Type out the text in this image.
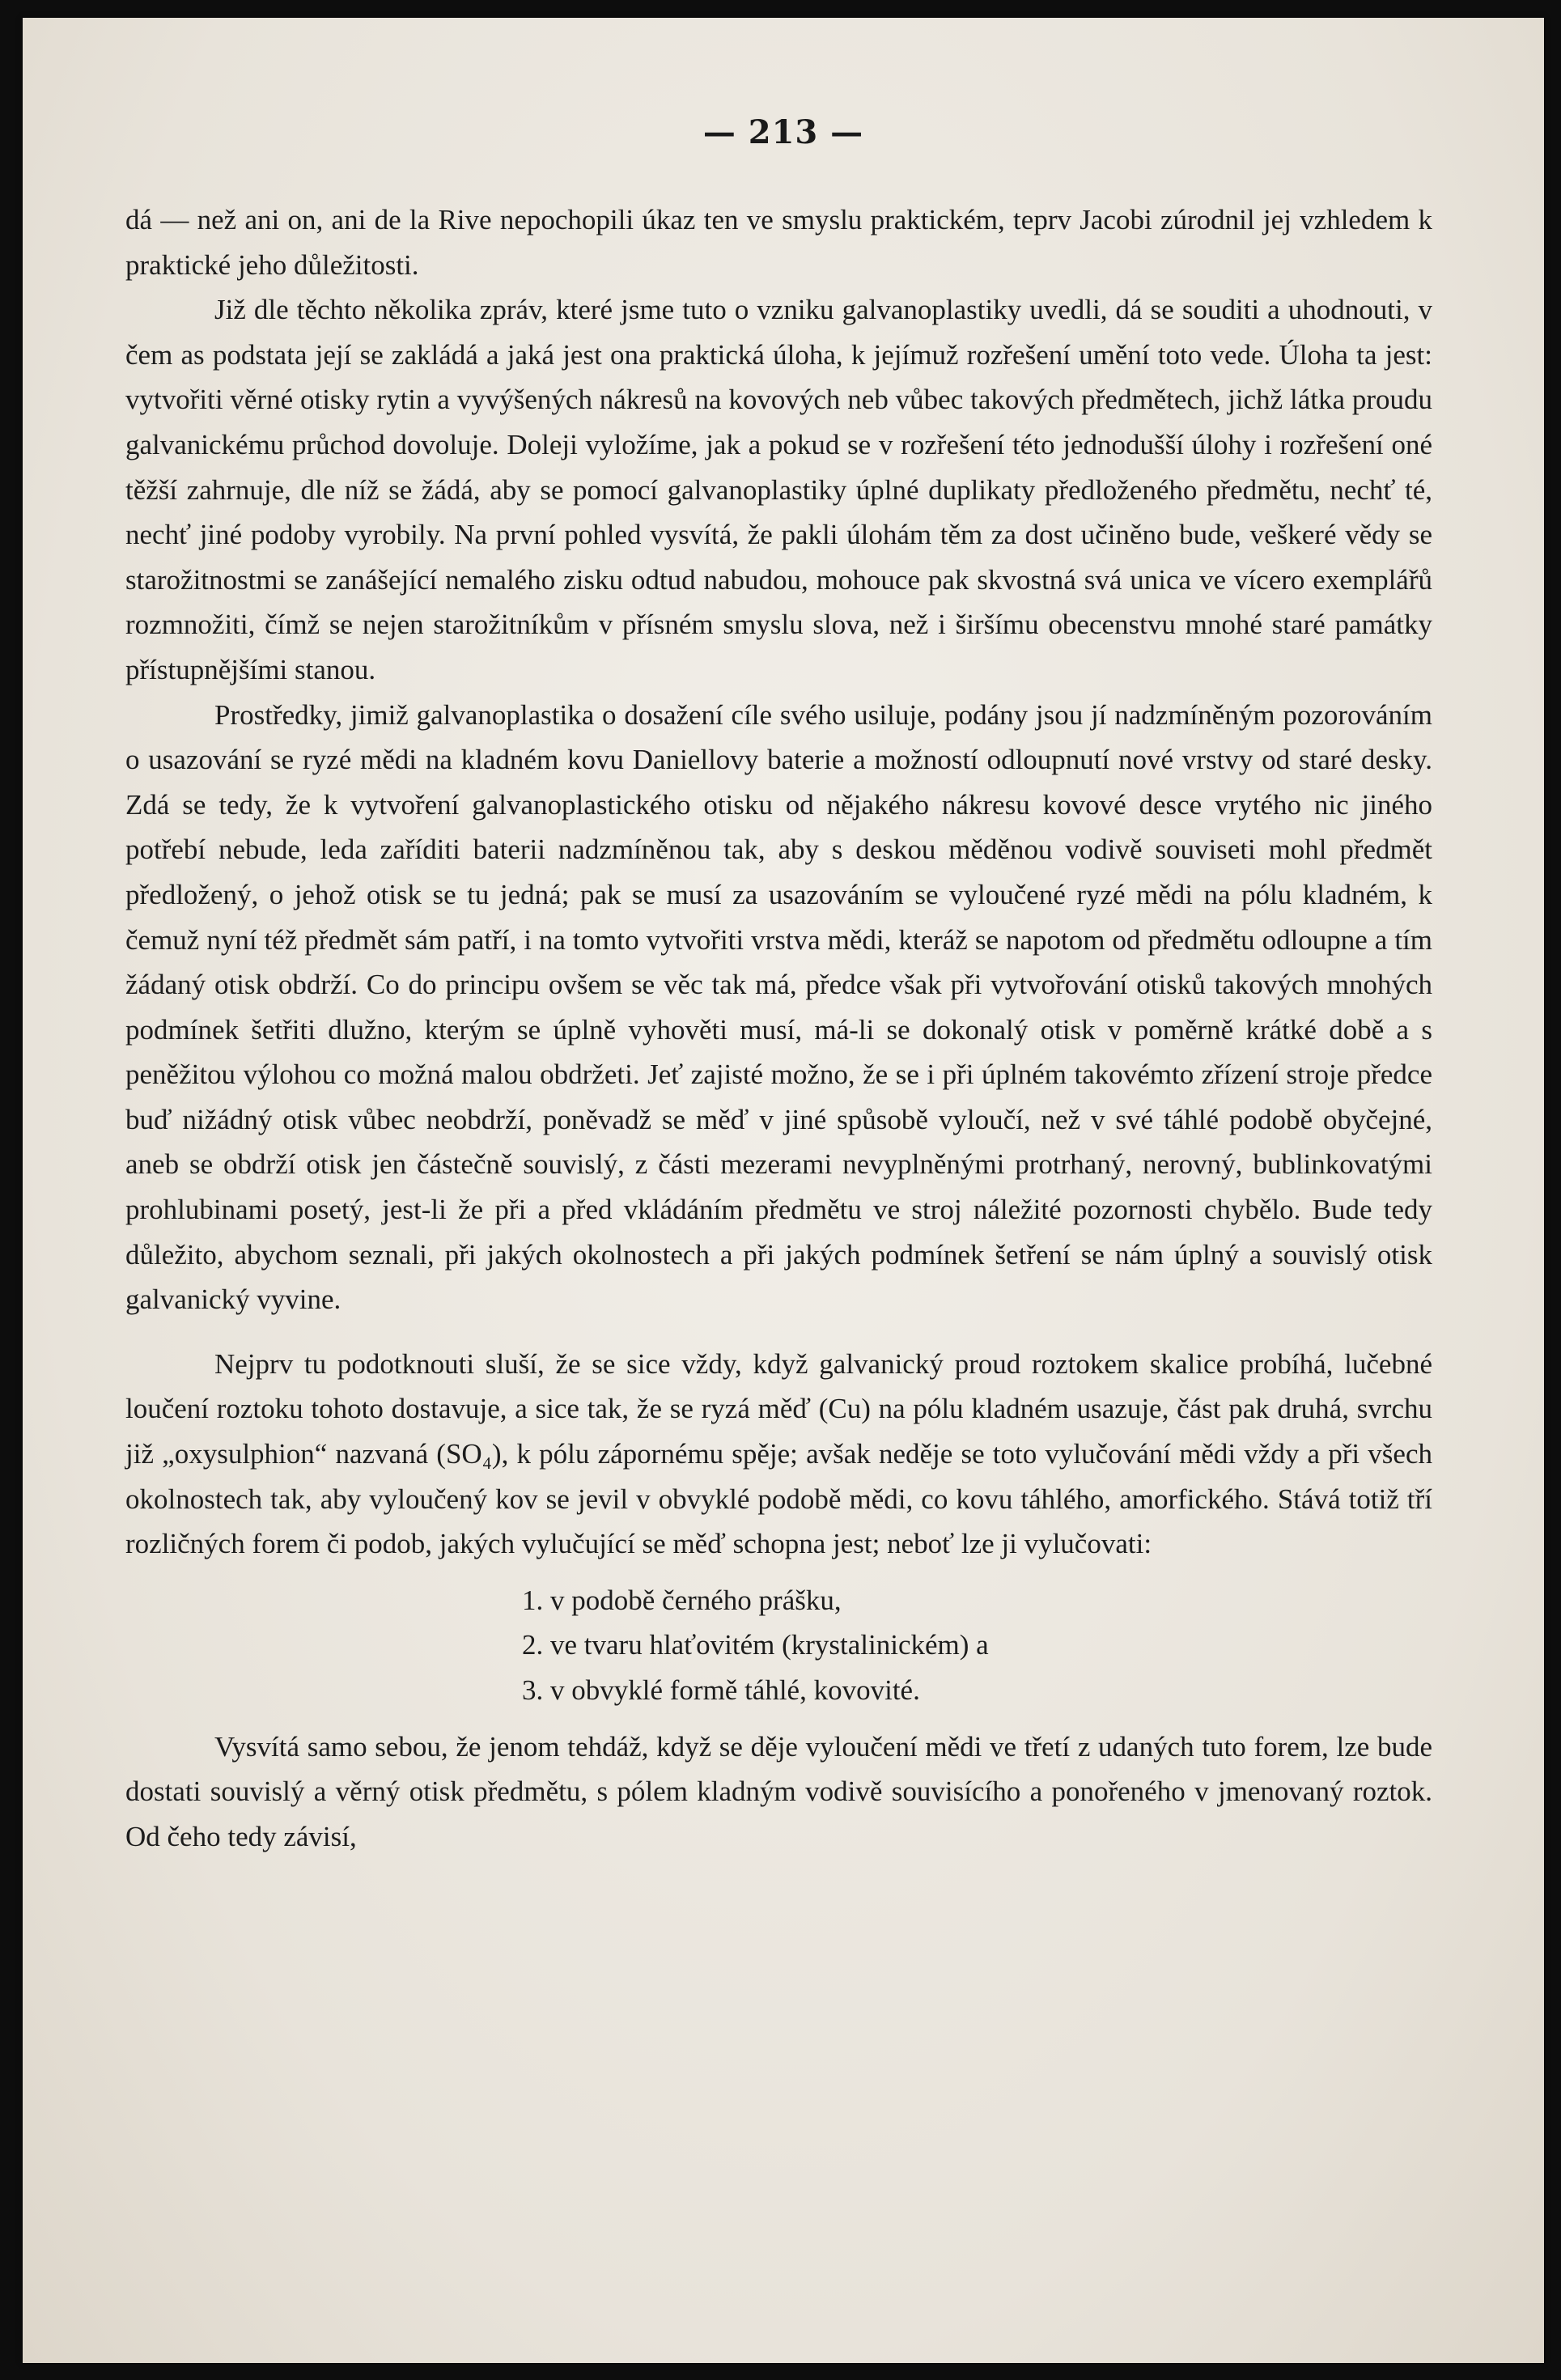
— 213 —

dá — než ani on, ani de la Rive nepochopili úkaz ten ve smyslu praktickém, teprv Jacobi zúrodnil jej vzhledem k praktické jeho důležitosti.

Již dle těchto několika zpráv, které jsme tuto o vzniku galvanoplastiky uvedli, dá se souditi a uhodnouti, v čem as podstata její se zakládá a jaká jest ona praktická úloha, k jejímuž rozřešení umění toto vede. Úloha ta jest: vytvořiti věrné otisky rytin a vyvýšených nákresů na kovových neb vůbec takových předmětech, jichž látka proudu galvanickému průchod dovoluje. Doleji vyložíme, jak a pokud se v rozřešení této jednodušší úlohy i rozřešení oné těžší zahrnuje, dle níž se žádá, aby se pomocí galvanoplastiky úplné duplikaty předloženého předmětu, nechť té, nechť jiné podoby vyrobily. Na první pohled vysvítá, že pakli úlohám těm za dost učiněno bude, veškeré vědy se starožitnostmi se zanášející nemalého zisku odtud nabudou, mohouce pak skvostná svá unica ve vícero exemplářů rozmnožiti, čímž se nejen starožitníkům v přísném smyslu slova, než i širšímu obecenstvu mnohé staré památky přístupnějšími stanou.

Prostředky, jimiž galvanoplastika o dosažení cíle svého usiluje, podány jsou jí nadzmíněným pozorováním o usazování se ryzé mědi na kladném kovu Daniellovy baterie a možností odloupnutí nové vrstvy od staré desky. Zdá se tedy, že k vytvoření galvanoplastického otisku od nějakého nákresu kovové desce vrytého nic jiného potřebí nebude, leda zaříditi baterii nadzmíněnou tak, aby s deskou měděnou vodivě souviseti mohl předmět předložený, o jehož otisk se tu jedná; pak se musí za usazováním se vyloučené ryzé mědi na pólu kladném, k čemuž nyní též předmět sám patří, i na tomto vytvořiti vrstva mědi, kteráž se napotom od předmětu odloupne a tím žádaný otisk obdrží. Co do principu ovšem se věc tak má, předce však při vytvořování otisků takových mnohých podmínek šetřiti dlužno, kterým se úplně vyhověti musí, má-li se dokonalý otisk v poměrně krátké době a s peněžitou výlohou co možná malou obdržeti. Jeť zajisté možno, že se i při úplném takovémto zřízení stroje předce buď nižádný otisk vůbec neobdrží, poněvadž se měď v jiné spůsobě vyloučí, než v své táhlé podobě obyčejné, aneb se obdrží otisk jen částečně souvislý, z části mezerami nevyplněnými protrhaný, nerovný, bublinkovatými prohlubinami posetý, jest-li že při a před vkládáním předmětu ve stroj náležité pozornosti chybělo. Bude tedy důležito, abychom seznali, při jakých okolnostech a při jakých podmínek šetření se nám úplný a souvislý otisk galvanický vyvine.

Nejprv tu podotknouti sluší, že se sice vždy, když galvanický proud roztokem skalice probíhá, lučebné loučení roztoku tohoto dostavuje, a sice tak, že se ryzá měď (Cu) na pólu kladném usazuje, část pak druhá, svrchu již „oxysulphion“ nazvaná (SO₄), k pólu zápornému spěje; avšak neděje se toto vylučování mědi vždy a při všech okolnostech tak, aby vyloučený kov se jevil v obvyklé podobě mědi, co kovu táhlého, amorfického. Stává totiž tří rozličných forem či podob, jakých vylučující se měď schopna jest; neboť lze ji vylučovati:

1. v podobě černého prášku,
2. ve tvaru hlaťovitém (krystalinickém) a
3. v obvyklé formě táhlé, kovovité.

Vysvítá samo sebou, že jenom tehdáž, když se děje vyloučení mědi ve třetí z udaných tuto forem, lze bude dostati souvislý a věrný otisk předmětu, s pólem kladným vodivě souvisícího a ponořeného v jmenovaný roztok. Od čeho tedy závisí,
